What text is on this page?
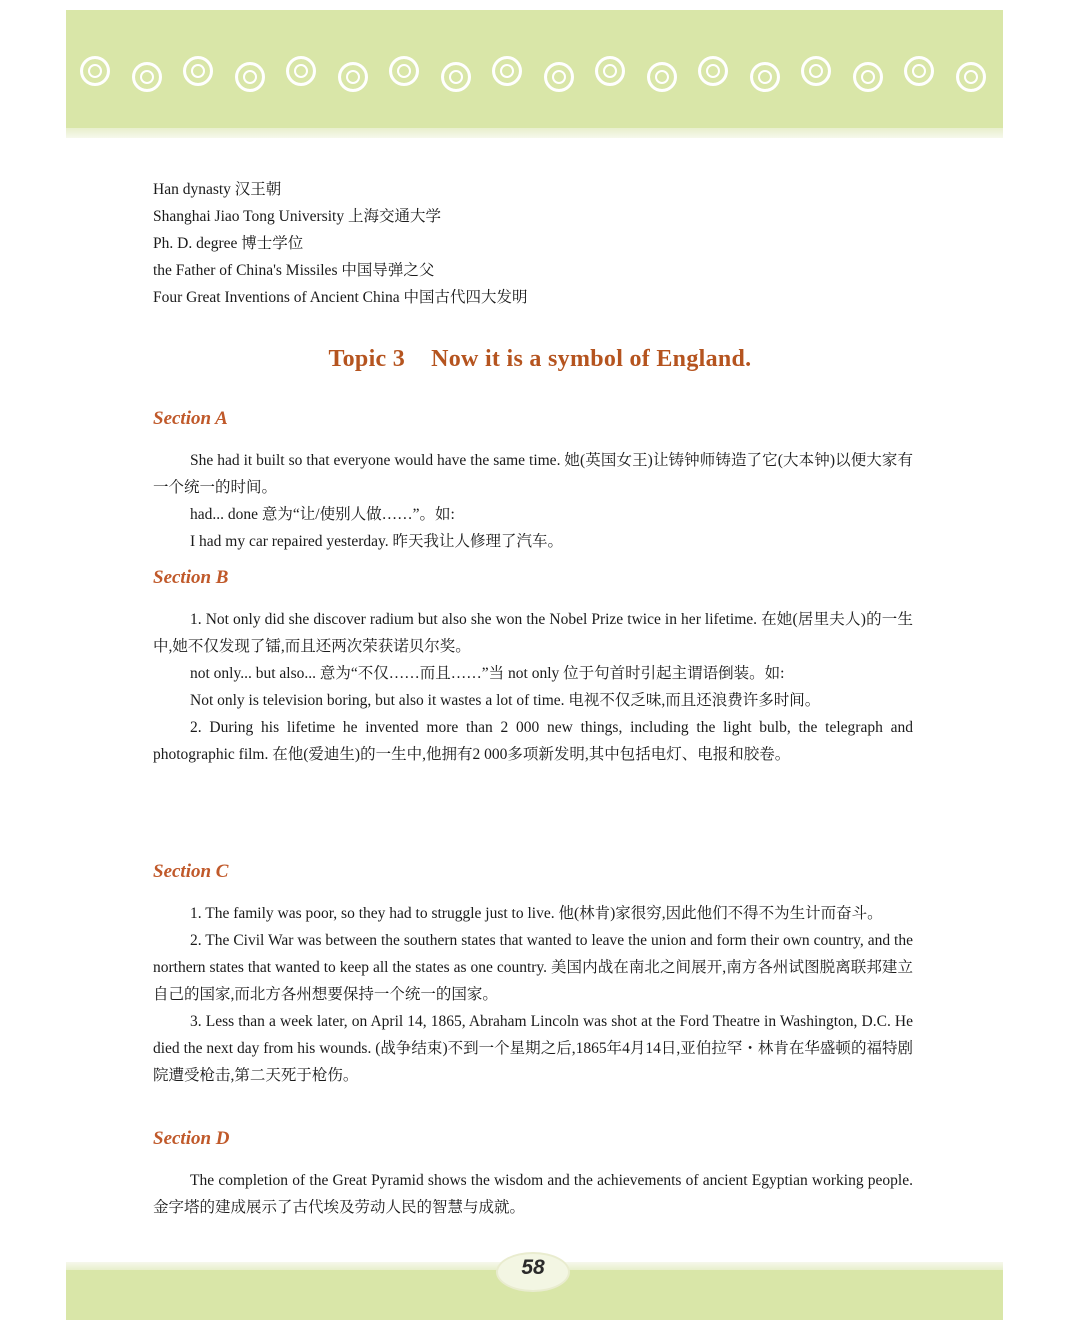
Han dynasty 汉王朝
Shanghai Jiao Tong University 上海交通大学
Ph. D. degree 博士学位
the Father of China's Missiles 中国导弹之父
Four Great Inventions of Ancient China 中国古代四大发明
Topic 3 Now it is a symbol of England.
Section A

She had it built so that everyone would have the same time. 她(英国女王)让铸钟师铸造了它(大本钟)以便大家有一个统一的时间。

had... done 意为“让/使别人做……”。如:

I had my car repaired yesterday. 昨天我让人修理了汽车。

Section B

1. Not only did she discover radium but also she won the Nobel Prize twice in her lifetime. 在她(居里夫人)的一生中,她不仅发现了镭,而且还两次荣获诺贝尔奖。

not only... but also... 意为“不仅……而且……”当 not only 位于句首时引起主谓语倒装。如:

Not only is television boring, but also it wastes a lot of time. 电视不仅乏味,而且还浪费许多时间。

2. During his lifetime he invented more than 2 000 new things, including the light bulb, the telegraph and photographic film. 在他(爱迪生)的一生中,他拥有2 000多项新发明,其中包括电灯、电报和胶卷。

Section C

1. The family was poor, so they had to struggle just to live. 他(林肯)家很穷,因此他们不得不为生计而奋斗。

2. The Civil War was between the southern states that wanted to leave the union and form their own country, and the northern states that wanted to keep all the states as one country. 美国内战在南北之间展开,南方各州试图脱离联邦建立自己的国家,而北方各州想要保持一个统一的国家。

3. Less than a week later, on April 14, 1865, Abraham Lincoln was shot at the Ford Theatre in Washington, D.C. He died the next day from his wounds. (战争结束)不到一个星期之后,1865年4月14日,亚伯拉罕・林肯在华盛顿的福特剧院遭受枪击,第二天死于枪伤。

Section D

The completion of the Great Pyramid shows the wisdom and the achievements of ancient Egyptian working people. 金字塔的建成展示了古代埃及劳动人民的智慧与成就。

58
